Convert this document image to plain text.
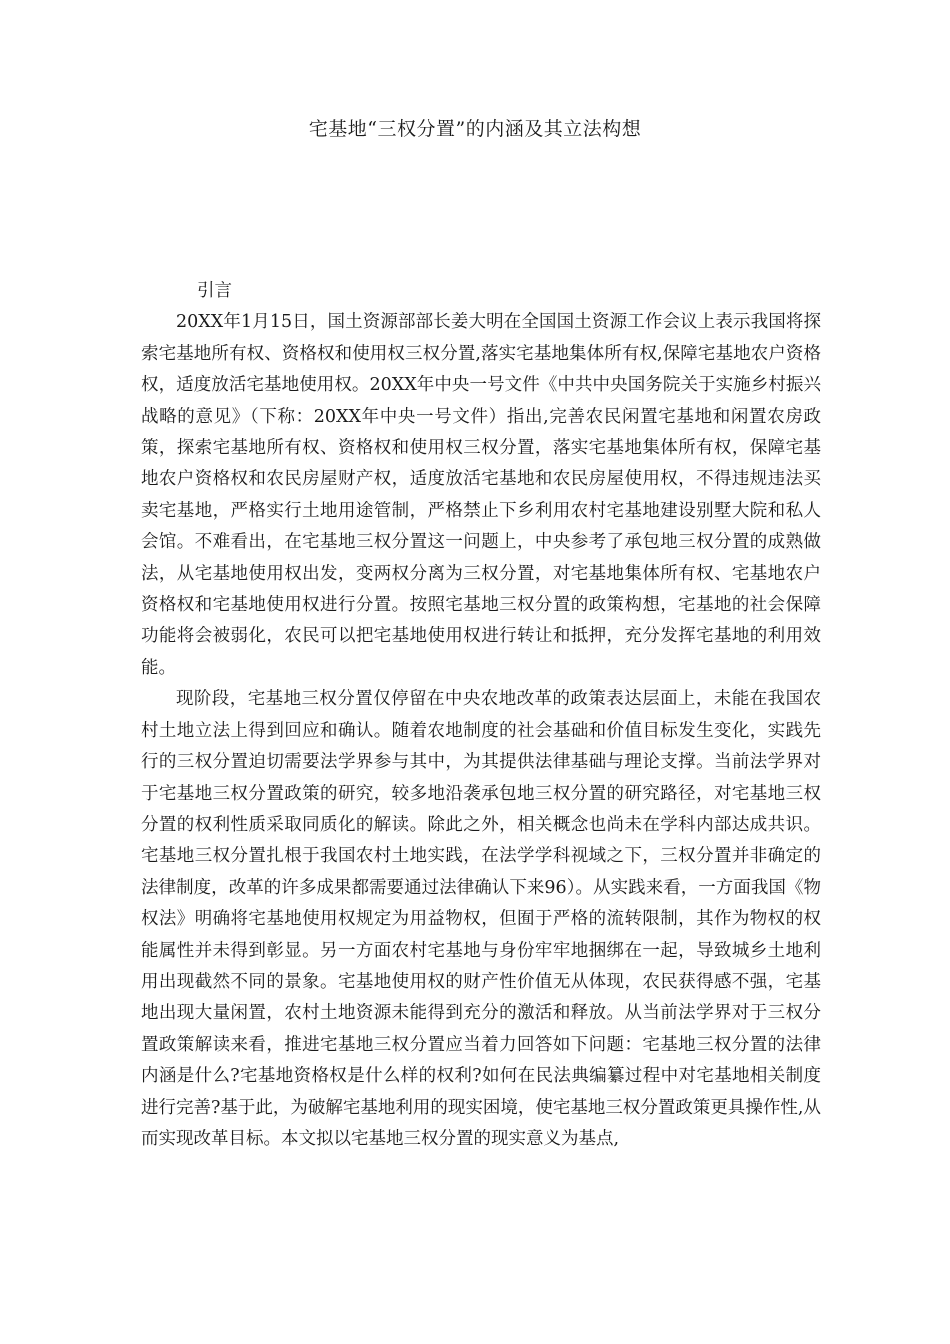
宅基地“三权分置”的内涵及其立法构想
引言

20XX年1月15日，国土资源部部长姜大明在全国国土资源工作会议上表示我国将探索宅基地所有权、资格权和使用权三权分置,落实宅基地集体所有权,保障宅基地农户资格权，适度放活宅基地使用权。20XX年中央一号文件《中共中央国务院关于实施乡村振兴战略的意见》（下称：20XX年中央一号文件）指出,完善农民闲置宅基地和闲置农房政策，探索宅基地所有权、资格权和使用权三权分置，落实宅基地集体所有权，保障宅基地农户资格权和农民房屋财产权，适度放活宅基地和农民房屋使用权，不得违规违法买卖宅基地，严格实行土地用途管制，严格禁止下乡利用农村宅基地建设别墅大院和私人会馆。不难看出，在宅基地三权分置这一问题上，中央参考了承包地三权分置的成熟做法，从宅基地使用权出发，变两权分离为三权分置，对宅基地集体所有权、宅基地农户资格权和宅基地使用权进行分置。按照宅基地三权分置的政策构想，宅基地的社会保障功能将会被弱化，农民可以把宅基地使用权进行转让和抵押，充分发挥宅基地的利用效能。

现阶段，宅基地三权分置仅停留在中央农地改革的政策表达层面上，未能在我国农村土地立法上得到回应和确认。随着农地制度的社会基础和价值目标发生变化，实践先行的三权分置迫切需要法学界参与其中，为其提供法律基础与理论支撑。当前法学界对于宅基地三权分置政策的研究，较多地沿袭承包地三权分置的研究路径，对宅基地三权分置的权利性质采取同质化的解读。除此之外，相关概念也尚未在学科内部达成共识。宅基地三权分置扎根于我国农村土地实践，在法学学科视域之下，三权分置并非确定的法律制度，改革的许多成果都需要通过法律确认下来96）。从实践来看，一方面我国《物权法》明确将宅基地使用权规定为用益物权，但囿于严格的流转限制，其作为物权的权能属性并未得到彰显。另一方面农村宅基地与身份牢牢地捆绑在一起，导致城乡土地利用出现截然不同的景象。宅基地使用权的财产性价值无从体现，农民获得感不强，宅基地出现大量闲置，农村土地资源未能得到充分的激活和释放。从当前法学界对于三权分置政策解读来看，推进宅基地三权分置应当着力回答如下问题：宅基地三权分置的法律内涵是什么?宅基地资格权是什么样的权利?如何在民法典编纂过程中对宅基地相关制度进行完善?基于此，为破解宅基地利用的现实困境，使宅基地三权分置政策更具操作性,从而实现改革目标。本文拟以宅基地三权分置的现实意义为基点,
